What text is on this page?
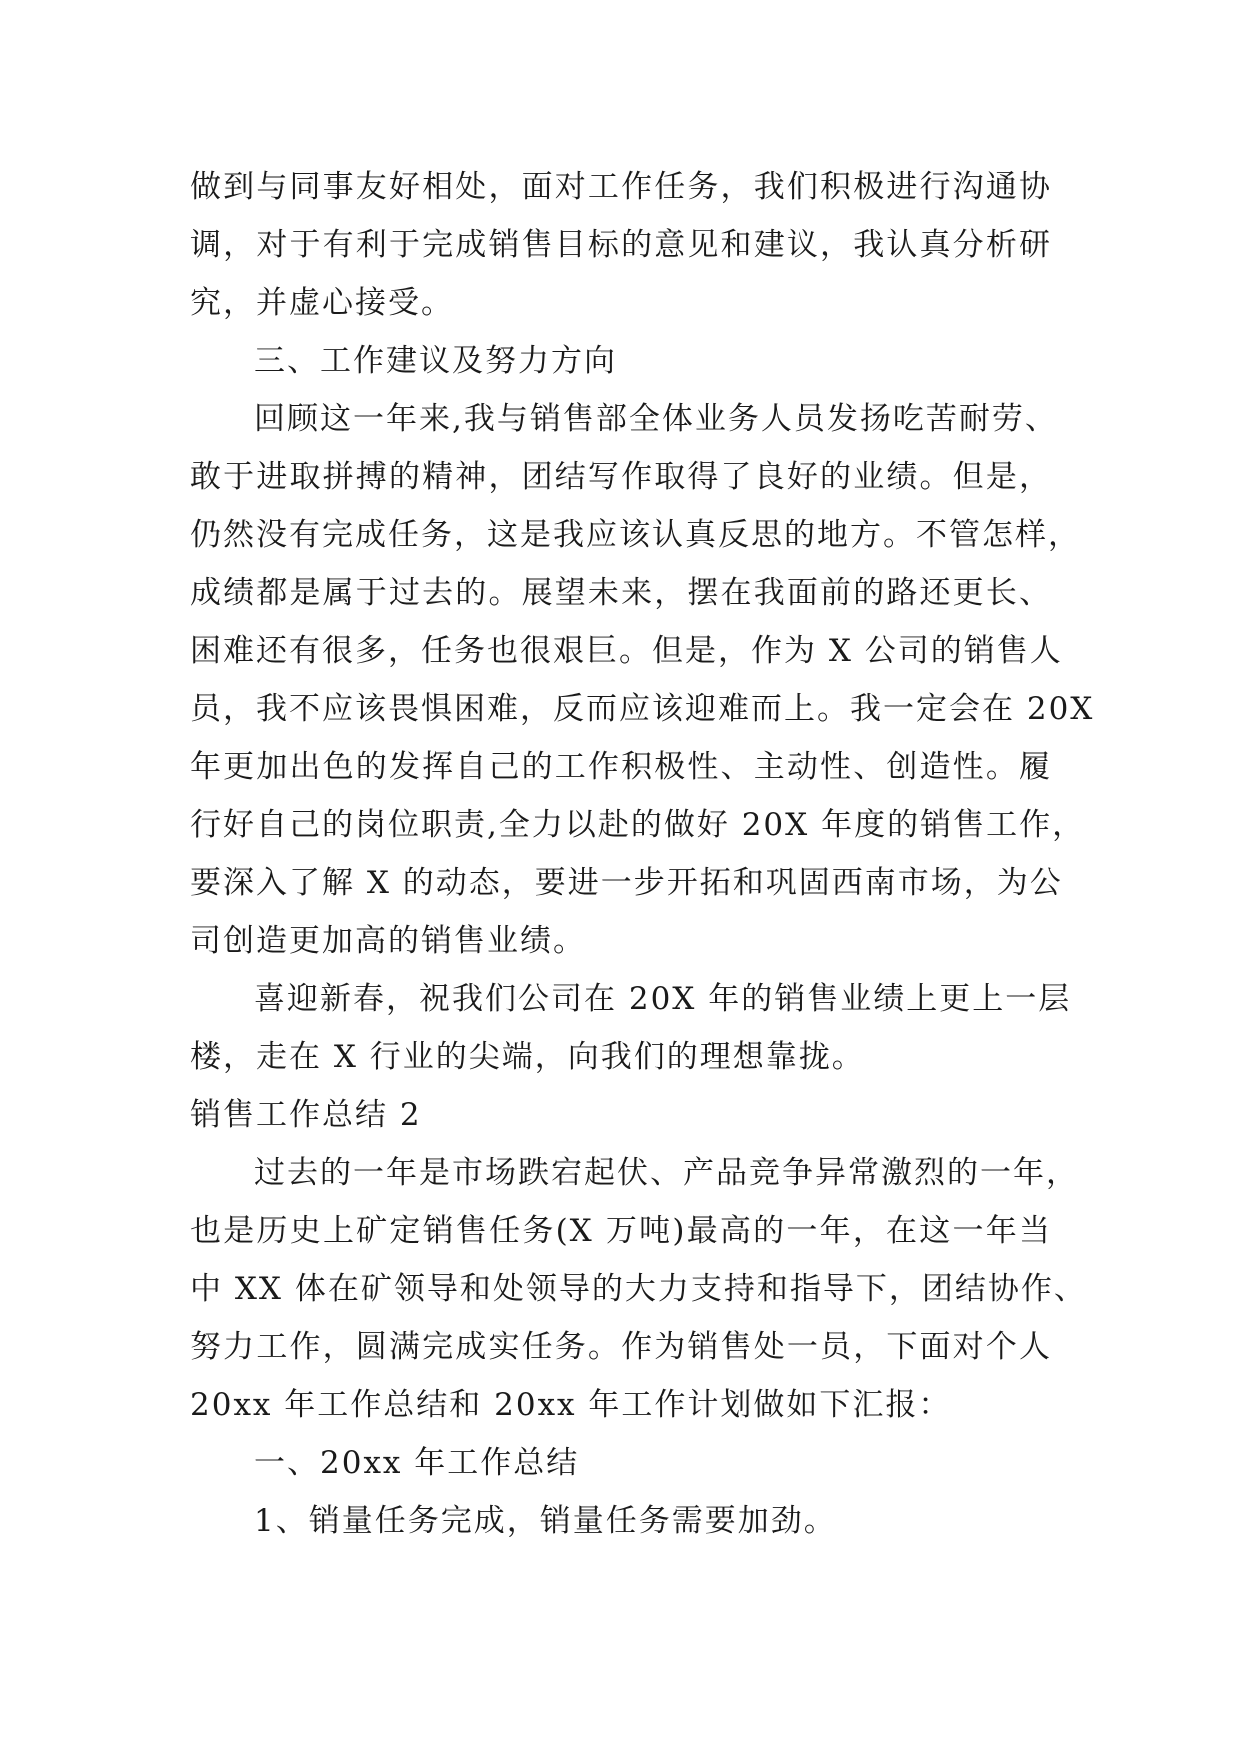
做到与同事友好相处，面对工作任务，我们积极进行沟通协
调，对于有利于完成销售目标的意见和建议，我认真分析研
究，并虚心接受。
三、工作建议及努力方向
回顾这一年来,我与销售部全体业务人员发扬吃苦耐劳、
敢于进取拼搏的精神，团结写作取得了良好的业绩。但是，
仍然没有完成任务，这是我应该认真反思的地方。不管怎样，
成绩都是属于过去的。展望未来，摆在我面前的路还更长、
困难还有很多，任务也很艰巨。但是，作为 X 公司的销售人
员，我不应该畏惧困难，反而应该迎难而上。我一定会在 20X
年更加出色的发挥自己的工作积极性、主动性、创造性。履
行好自己的岗位职责,全力以赴的做好 20X 年度的销售工作，
要深入了解 X 的动态，要进一步开拓和巩固西南市场，为公
司创造更加高的销售业绩。
喜迎新春，祝我们公司在 20X 年的销售业绩上更上一层
楼，走在 X 行业的尖端，向我们的理想靠拢。
销售工作总结 2
过去的一年是市场跌宕起伏、产品竞争异常激烈的一年，
也是历史上矿定销售任务(X 万吨)最高的一年，在这一年当
中 XX 体在矿领导和处领导的大力支持和指导下，团结协作、
努力工作，圆满完成实任务。作为销售处一员，下面对个人
20xx 年工作总结和 20xx 年工作计划做如下汇报：
一、20xx 年工作总结
1、销量任务完成，销量任务需要加劲。
